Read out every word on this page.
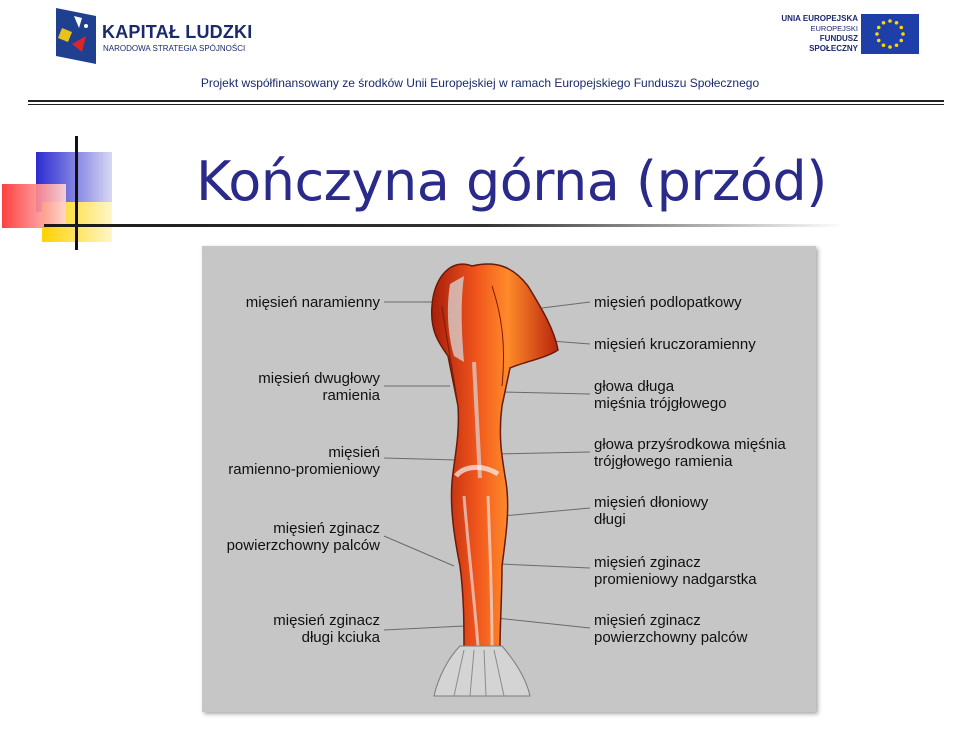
KAPITAŁ LUDZKI
NARODOWA STRATEGIA SPÓJNOŚCI
UNIA EUROPEJSKA
EUROPEJSKI
FUNDUSZ SPOŁECZNY
Projekt współfinansowany ze środków Unii Europejskiej w ramach Europejskiego Funduszu Społecznego
Kończyna górna (przód)
mięsień naramienny
mięsień dwugłowy
ramienia
mięsień
ramienno-promieniowy
mięsień zginacz
powierzchowny palców
mięsień zginacz
długi kciuka
mięsień podlopatkowy
mięsień kruczoramienny
głowa długa
mięśnia trójgłowego
głowa przyśrodkowa mięśnia
trójgłowego ramienia
mięsień dłoniowy
długi
mięsień zginacz
promieniowy nadgarstka
mięsień zginacz
powierzchowny palców
